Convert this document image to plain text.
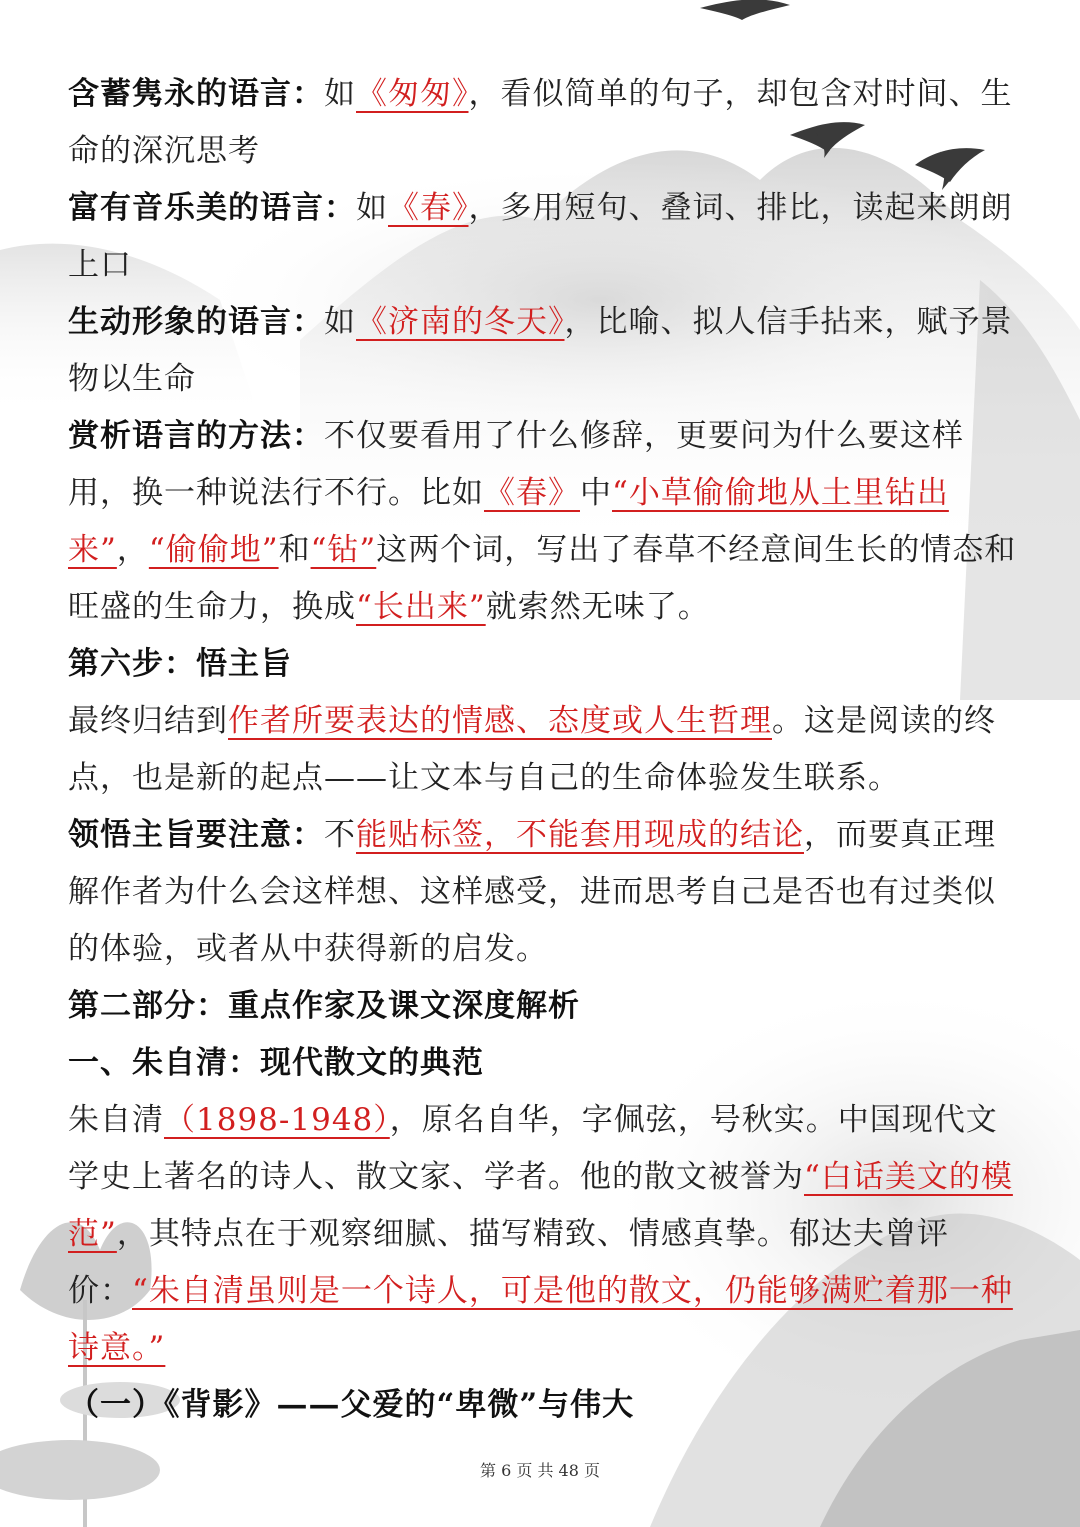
含蓄隽永的语言：如《匆匆》，看似简单的句子，却包含对时间、生命的深沉思考

富有音乐美的语言：如《春》，多用短句、叠词、排比，读起来朗朗上口

生动形象的语言：如《济南的冬天》，比喻、拟人信手拈来，赋予景物以生命

赏析语言的方法：不仅要看用了什么修辞，更要问为什么要这样用，换一种说法行不行。比如《春》中“小草偷偷地从土里钻出来”，“偷偷地”和“钻”这两个词，写出了春草不经意间生长的情态和旺盛的生命力，换成“长出来”就索然无味了。

第六步：悟主旨

最终归结到作者所要表达的情感、态度或人生哲理。这是阅读的终点，也是新的起点——让文本与自己的生命体验发生联系。

领悟主旨要注意：不能贴标签，不能套用现成的结论，而要真正理解作者为什么会这样想、这样感受，进而思考自己是否也有过类似的体验，或者从中获得新的启发。

第二部分：重点作家及课文深度解析

一、朱自清：现代散文的典范

朱自清（1898-1948），原名自华，字佩弦，号秋实。中国现代文学史上著名的诗人、散文家、学者。他的散文被誉为“白话美文的模范”，其特点在于观察细腻、描写精致、情感真挚。郁达夫曾评价：“朱自清虽则是一个诗人，可是他的散文，仍能够满贮着那一种诗意。”

（一）《背影》——父爱的“卑微”与伟大

第 6 页 共 48 页
